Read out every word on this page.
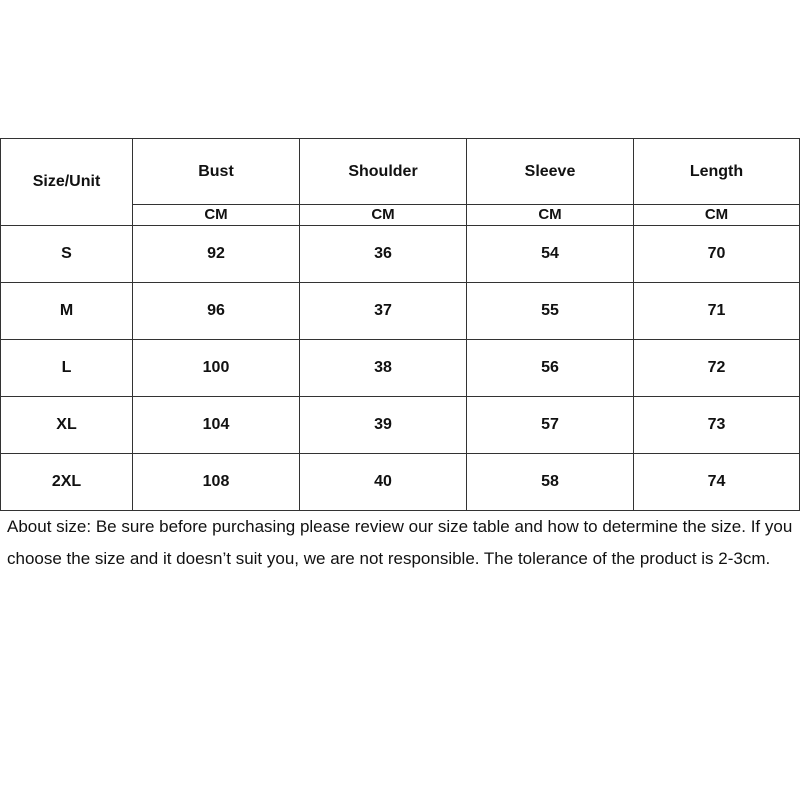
Size/Unit	Bust	Shoulder	Sleeve	Length
	CM	CM	CM	CM
S	92	36	54	70
M	96	37	55	71
L	100	38	56	72
XL	104	39	57	73
2XL	108	40	58	74

About size: Be sure before purchasing please review our size table and how to determine the size. If you choose the size and it doesn’t suit you, we are not responsible. The tolerance of the product is 2-3cm.
